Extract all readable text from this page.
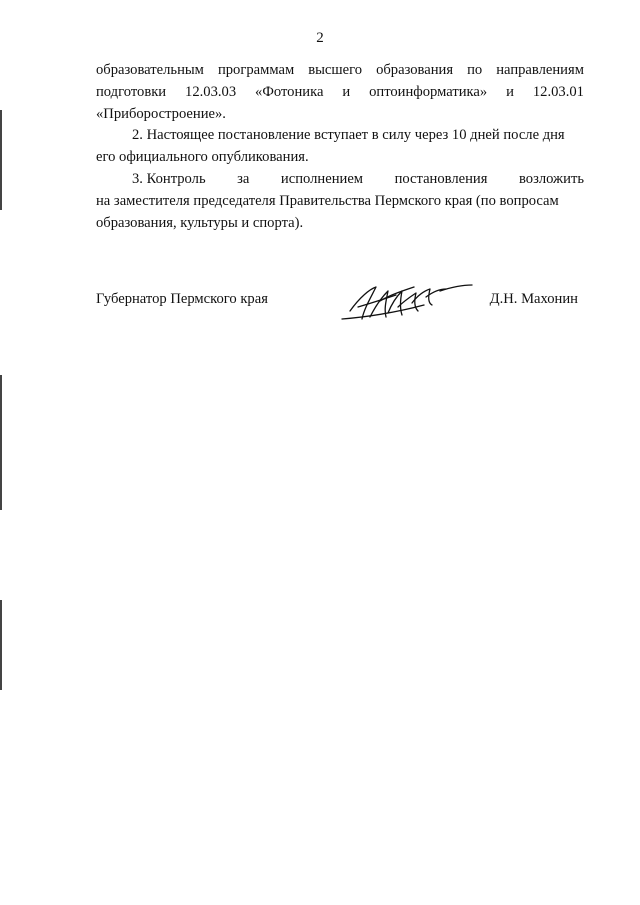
2
образовательным программам высшего образования по направлениям
подготовки 12.03.03 «Фотоника и оптоинформатика» и 12.03.01
«Приборостроение».
2. Настоящее постановление вступает в силу через 10 дней после дня
его официального опубликования.
3. Контроль за исполнением постановления возложить
на заместителя председателя Правительства Пермского края (по вопросам
образования, культуры и спорта).
Губернатор Пермского края	Д.Н. Махонин
